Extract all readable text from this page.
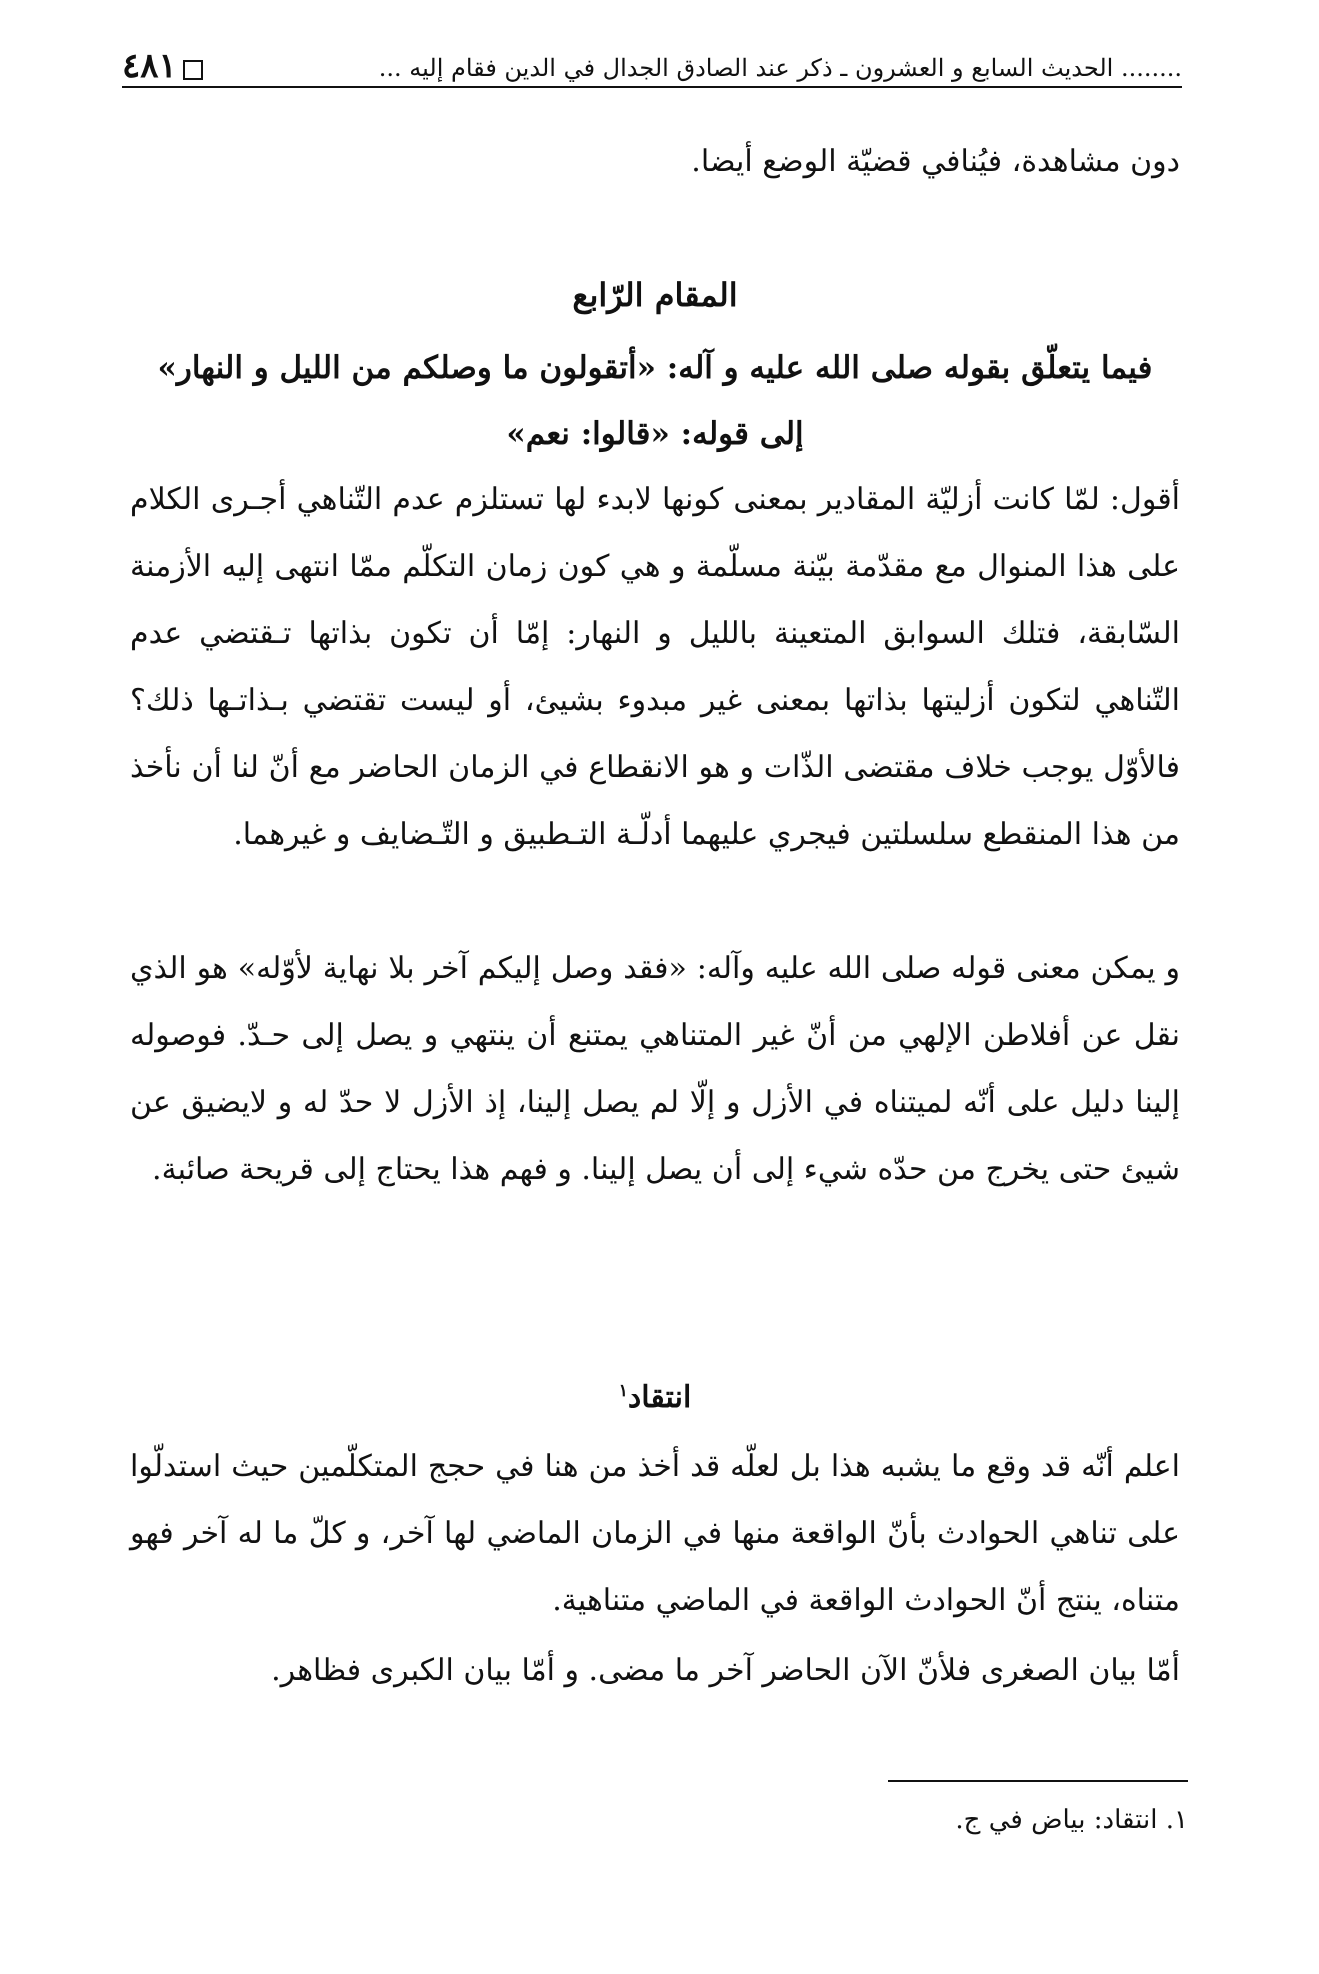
٤٨١	........ الحديث السابع و العشرون ـ ذكر عند الصادق الجدال في الدين فقام إليه ...
دون مشاهدة، فيُنافي قضيّة الوضع أيضا.
المقام الرّابع
فيما يتعلّق بقوله صلى الله عليه و آله: «أتقولون ما وصلكم من الليل و النهار»
إلى قوله: «قالوا: نعم»
أقول: لمّا كانت أزليّة المقادير بمعنى كونها لابدء لها تستلزم عدم التّناهي أجـرى الكلام على هذا المنوال مع مقدّمة بيّنة مسلّمة و هي كون زمان التكلّم ممّا انتهى إليه الأزمنة السّابقة، فتلك السوابق المتعينة بالليل و النهار: إمّا أن تكون بذاتها تـقتضي عدم التّناهي لتكون أزليتها بذاتها بمعنى غير مبدوء بشيئ، أو ليست تقتضي بـذاتـها ذلك؟ فالأوّل يوجب خلاف مقتضى الذّات و هو الانقطاع في الزمان الحاضر مع أنّ لنا أن نأخذ من هذا المنقطع سلسلتين فيجري عليهما أدلّـة التـطبيق و التّـضايف و غيرهما.
و يمكن معنى قوله صلى الله عليه وآله: «فقد وصل إليكم آخر بلا نهاية لأوّله» هو الذي نقل عن أفلاطن الإلهي من أنّ غير المتناهي يمتنع أن ينتهي و يصل إلى حـدّ. فوصوله إلينا دليل على أنّه لميتناه في الأزل و إلّا لم يصل إلينا، إذ الأزل لا حدّ له و لايضيق عن شيئ حتى يخرج من حدّه شيء إلى أن يصل إلينا. و فهم هذا يحتاج إلى قريحة صائبة.
انتقاد$^١$
اعلم أنّه قد وقع ما يشبه هذا بل لعلّه قد أخذ من هنا في حجج المتكلّمين حيث استدلّوا على تناهي الحوادث بأنّ الواقعة منها في الزمان الماضي لها آخر، و كلّ ما له آخر فهو متناه، ينتج أنّ الحوادث الواقعة في الماضي متناهية.
أمّا بيان الصغرى فلأنّ الآن الحاضر آخر ما مضى. و أمّا بيان الكبرى فظاهر.
١. انتقاد: بياض في ج.
